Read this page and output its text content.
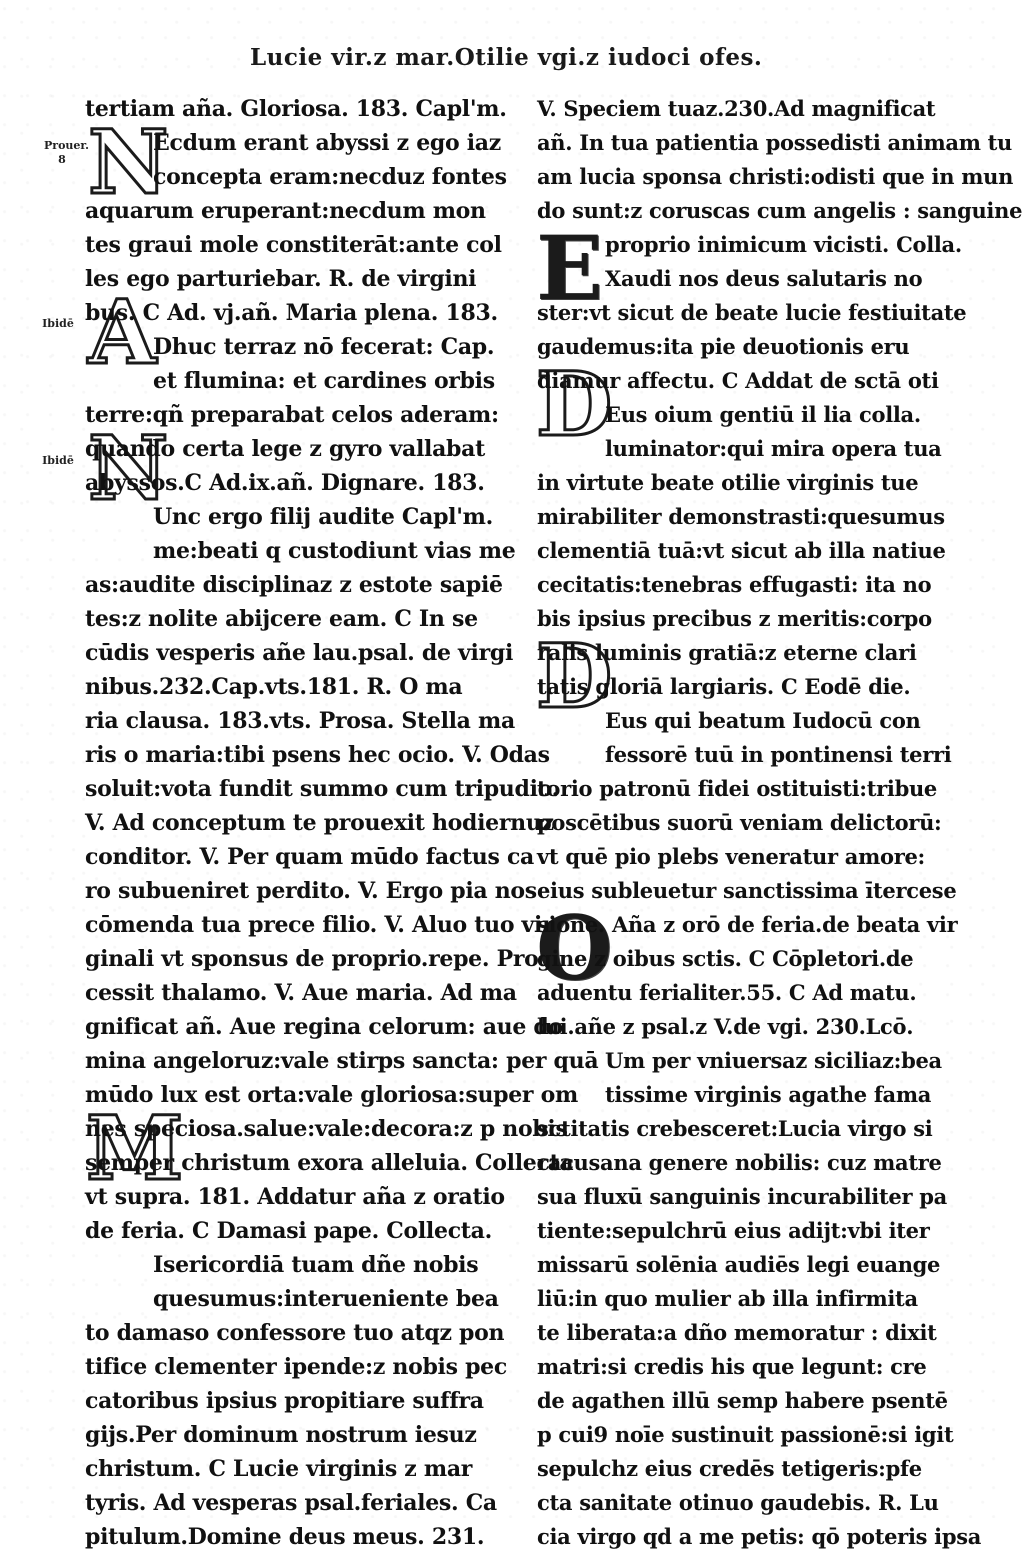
Lucie vir.z mar.Otilie vgi.z iudoci ofes.
Prouer.
8
Ibidē
Ibidē
N
A
N
M
E
D
D
O
tertiam aña. Gloriosa. 183. Capl'm.
Ecdum erant abyssi z ego iaz
concepta eram:necduz fontes
aquarum eruperant:necdum mon
tes graui mole constiterāt:ante col
les ego parturiebar. R. de virgini
bus. C Ad. vj.añ. Maria plena. 183.
Dhuc terraz nō fecerat: Cap.
et flumina: et cardines orbis
terre:qñ preparabat celos aderam:
quando certa lege z gyro vallabat
abyssos.C Ad.ix.añ. Dignare. 183.
Unc ergo filij audite Capl'm.
me:beati q custodiunt vias me
as:audite disciplinaz z estote sapiē
tes:z nolite abijcere eam. C In se
cūdis vesperis añe lau.psal. de virgi
nibus.232.Cap.vts.181. R. O ma
ria clausa. 183.vts. Prosa. Stella ma
ris o maria:tibi psens hec ocio. V. Odas
soluit:vota fundit summo cum tripudio.
V. Ad conceptum te prouexit hodiernuz
conditor. V. Per quam mūdo factus ca
ro subueniret perdito. V. Ergo pia nos
cōmenda tua prece filio. V. Aluo tuo vir
ginali vt sponsus de proprio.repe. Pro
cessit thalamo. V. Aue maria. Ad ma
gnificat añ. Aue regina celorum: aue do
mina angeloruz:vale stirps sancta: per quā
mūdo lux est orta:vale gloriosa:super om
nes speciosa.salue:vale:decora:z p nobis
semper christum exora alleluia. Collecta
vt supra. 181. Addatur aña z oratio
de feria. C Damasi pape. Collecta.
Isericordiā tuam dñe nobis
quesumus:interueniente bea
to damaso confessore tuo atqz pon
tifice clementer ipende:z nobis pec
catoribus ipsius propitiare suffra
gijs.Per dominum nostrum iesuz
christum. C Lucie virginis z mar
tyris. Ad vesperas psal.feriales. Ca
pitulum.Domine deus meus. 231.
V. Speciem tuaz.230.Ad magnificat
añ. In tua patientia possedisti animam tu
am lucia sponsa christi:odisti que in mun
do sunt:z coruscas cum angelis : sanguine
proprio inimicum vicisti. Colla.
Xaudi nos deus salutaris no
ster:vt sicut de beate lucie festiuitate
gaudemus:ita pie deuotionis eru
diamur affectu. C Addat de sctā oti
Eus oium gentiū il lia colla.
luminator:qui mira opera tua
in virtute beate otilie virginis tue
mirabiliter demonstrasti:quesumus
clementiā tuā:vt sicut ab illa natiue
cecitatis:tenebras effugasti: ita no
bis ipsius precibus z meritis:corpo
ralis luminis gratiā:z eterne clari
tatis gloriā largiaris. C Eodē die.
Eus qui beatum Iudocū con
fessorē tuū in pontinensi terri
torio patronū fidei ostituisti:tribue
poscētibus suorū veniam delictorū:
vt quē pio plebs veneratur amore:
eius subleuetur sanctissima ītercese
sione. Aña z orō de feria.de beata vir
gine z oibus sctis. C Cōpletori.de
aduentu ferialiter.55. C Ad matu.
lui.añe z psal.z V.de vgi. 230.Lcō.
Um per vniuersaz siciliaz:bea
tissime virginis agathe fama
sctitatis crebesceret:Lucia virgo si
racusana genere nobilis: cuz matre
sua fluxū sanguinis incurabiliter pa
tiente:sepulchrū eius adijt:vbi iter
missarū solēnia audiēs legi euange
liū:in quo mulier ab illa infirmita
te liberata:a dño memoratur : dixit
matri:si credis his que legunt: cre
de agathen illū semp habere psentē
p cui9 noīe sustinuit passionē:si igit
sepulchz eius credēs tetigeris:pfe
cta sanitate otinuo gaudebis. R. Lu
cia virgo qd a me petis: qō poteris ipsa
